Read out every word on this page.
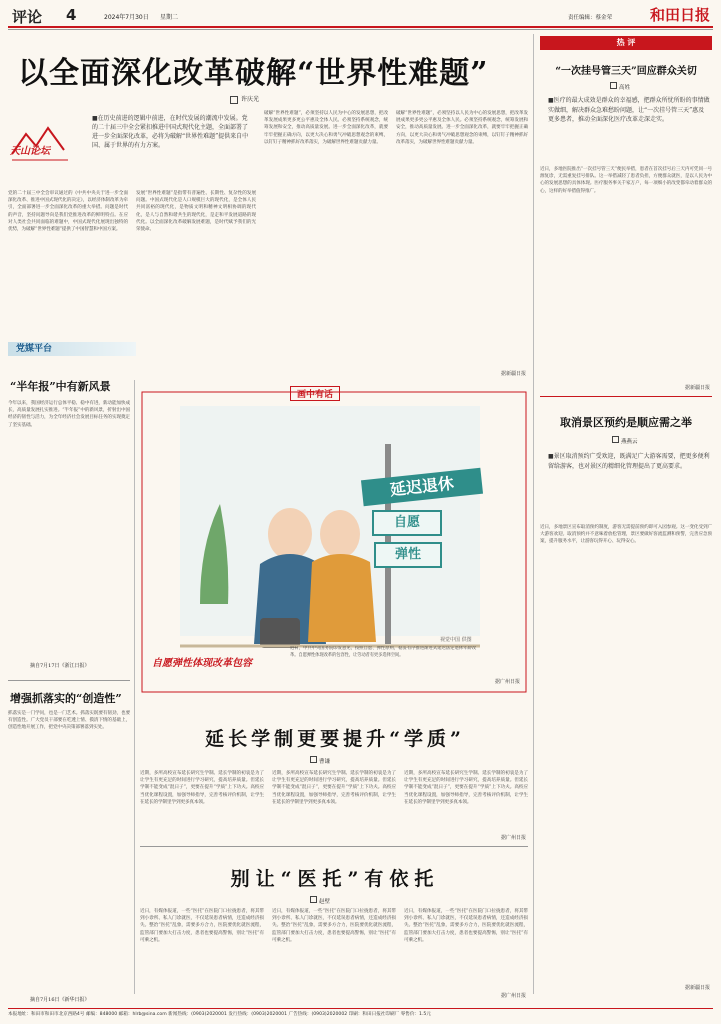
评论 4	2024年7月30日 星期二	责任编辑：蔡金荣	和田日报
以全面深化改革破解“世界性难题”
许庆光
天山论坛
■在历史前进的逻辑中前进，在时代发展的潮流中发展。党的二十届三中全会紧扣推进中国式现代化主题，全面部署了进一步全面深化改革，必将为破解“世界性难题”提供来自中国、属于世界的有力方案。
党的二十届三中全会审议通过的《中共中央关于进一步全面深化改革、推进中国式现代化的决定》，以经济体制改革为牵引，全面部署进一步全面深化改革的重大举措。问题是时代的声音，坚持问题导向是我们党推进改革的鲜明特点。在应对人类社会共同面临的难题中，中国式现代化展现出独特的优势，为破解“世界性难题”提供了中国智慧和中国方案。
发展“世界性难题”是指带有普遍性、长期性、复杂性的发展问题。中国式现代化是人口规模巨大的现代化，是全体人民共同富裕的现代化，是物质文明和精神文明相协调的现代化，是人与自然和谐共生的现代化，是走和平发展道路的现代化。以全面深化改革破解发展难题，是时代赋予我们的光荣使命。
破解“世界性难题”，必须坚持以人民为中心的发展思想，把改革发展成果更多更公平惠及全体人民。必须坚持系统观念，统筹发展和安全，推动高质量发展。进一步全面深化改革，就要牢牢把握正确方向，以更大决心和勇气冲破思想观念的束缚，以钉钉子精神抓好改革落实，为破解世界性难题贡献力量。
破解“世界性难题”，必须坚持以人民为中心的发展思想，把改革发展成果更多更公平惠及全体人民。必须坚持系统观念，统筹发展和安全，推动高质量发展。进一步全面深化改革，就要牢牢把握正确方向，以更大决心和勇气冲破思想观念的束缚，以钉钉子精神抓好改革落实，为破解世界性难题贡献力量。
据新疆日报
热 评
“一次挂号管三天”回应群众关切
高姓
■医疗的最大成效是群众的幸福感，把群众所忧所盼的事情做实做细，解决群众急难愁盼问题，让“一次挂号管三天”惠及更多患者，推动全面深化医疗改革走深走实。
近日，多地医院推出“一次挂号管三天”便民举措，患者在首次挂号后三天内可凭同一号源复诊，无需重复挂号排队。这一举措减轻了患者负担，方便群众就医，是以人民为中心的发展思想的具体体现。医疗服务事关千家万户，每一项细小的改变都牵动着群众的心，这样的好举措值得推广。
据新疆日报
取消景区预约是顺应需之举
燕燕云
■景区取消预约广受欢迎，既满足广大游客需要，把更多便利留给游客，也对景区的精细化管理提出了更高要求。
近日，多地景区宣布取消预约制度，游客无需提前预约即可入园参观。这一变化受到广大游客欢迎。取消预约并不意味着放松管理，景区要做好客流监测和预警，完善应急预案，提升服务水平，让游客玩得开心、玩得安心。
据新疆日报
党媒平台
“半年报”中有新风景
今年以来，我国经济运行总体平稳、稳中有进，新动能加快成长，高质量发展扎实推进。“半年报”中的新风景，折射出中国经济的韧性与活力，为全年经济社会发展目标任务的实现奠定了坚实基础。
摘自7月17日《浙江日报》
增强抓落实的“创造性”
抓落实是一门学问，也是一门艺术。抓落实既要有韧劲，也要有创造性。广大党员干部要在吃透上情、摸清下情的基础上，创造性地开展工作，把党中央决策部署落到实处。
摘自7月16日《新华日报》
画中有话
延迟退休
自愿
弹性
自愿弹性体现改革包容
视觉中国 供图
近日，中共中央国务院印发意见，按照自愿、弹性原则，稳妥有序推进渐进式延迟法定退休年龄改革。自愿弹性体现改革的包容性，让劳动者有更多选择空间。
据广州日报
延长学制更要提升“学质”
曹谦
近期，多所高校宣布延长研究生学制。延长学制的初衷是为了让学生有更充足的时间进行学习研究，提高培养质量。但延长学制不能变成“混日子”，更要在提升“学质”上下功夫。高校应当优化课程设置，加强导师指导，完善考核评价机制，让学生在延长的学制里学到更多真本领。
近期，多所高校宣布延长研究生学制。延长学制的初衷是为了让学生有更充足的时间进行学习研究，提高培养质量。但延长学制不能变成“混日子”，更要在提升“学质”上下功夫。高校应当优化课程设置，加强导师指导，完善考核评价机制，让学生在延长的学制里学到更多真本领。
近期，多所高校宣布延长研究生学制。延长学制的初衷是为了让学生有更充足的时间进行学习研究，提高培养质量。但延长学制不能变成“混日子”，更要在提升“学质”上下功夫。高校应当优化课程设置，加强导师指导，完善考核评价机制，让学生在延长的学制里学到更多真本领。
据广州日报
别让“医托”有依托
赵壁
近日，有媒体报道，一些“医托”在医院门口拉拢患者，将其带到小诊所、私人门诊就医，不仅延误患者病情，还造成经济损失。整治“医托”乱象，需要多方合力，医院要优化就医流程，监管部门要加大打击力度，患者也要提高警惕，别让“医托”有可乘之机。
近日，有媒体报道，一些“医托”在医院门口拉拢患者，将其带到小诊所、私人门诊就医，不仅延误患者病情，还造成经济损失。整治“医托”乱象，需要多方合力，医院要优化就医流程，监管部门要加大打击力度，患者也要提高警惕，别让“医托”有可乘之机。
近日，有媒体报道，一些“医托”在医院门口拉拢患者，将其带到小诊所、私人门诊就医，不仅延误患者病情，还造成经济损失。整治“医托”乱象，需要多方合力，医院要优化就医流程，监管部门要加大打击力度，患者也要提高警惕，别让“医托”有可乘之机。
据广州日报
本报地址：和田市和田市北京西路4号 邮编：848000 邮箱：hlrb@sina.com 新闻热线：(0903)2020001 发行热线：(0903)2020001 广告热线：(0903)2020002 印刷：和田日报社印刷厂 零售价：1.5元
